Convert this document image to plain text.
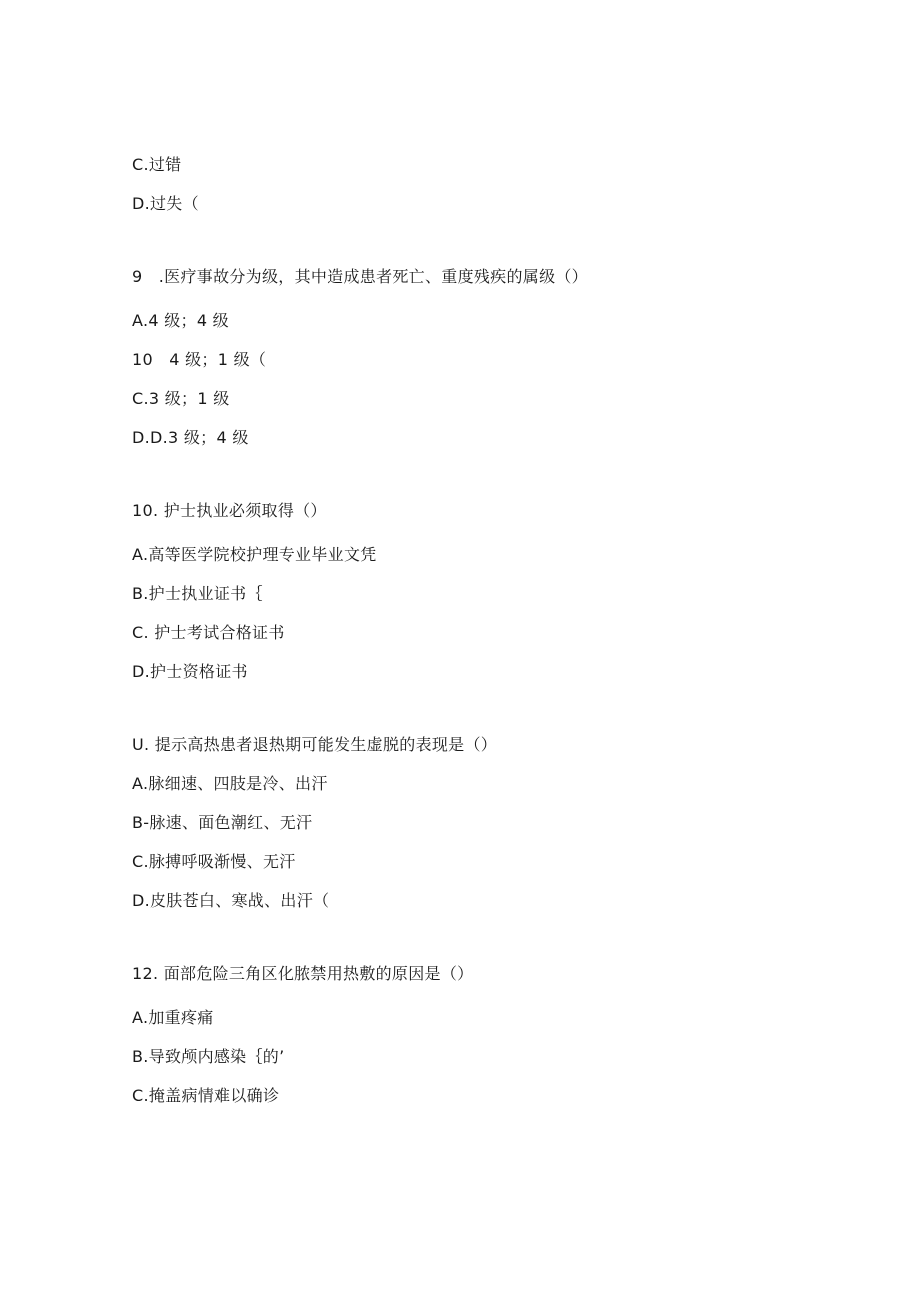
C.过错
D.过失（
9　.医疗事故分为级，其中造成患者死亡、重度残疾的属级（）
A.4 级；4 级
10　4 级；1 级（
C.3 级；1 级
D.D.3 级；4 级
10. 护士执业必须取得（）
A.高等医学院校护理专业毕业文凭
B.护士执业证书｛
C. 护士考试合格证书
D.护士资格证书
U. 提示高热患者退热期可能发生虚脱的表现是（）
A.脉细速、四肢是冷、出汗
B-脉速、面色潮红、无汗
C.脉搏呼吸渐慢、无汗
D.皮肤苍白、寒战、出汗（
12. 面部危险三角区化脓禁用热敷的原因是（）
A.加重疼痛
B.导致颅内感染｛的’
C.掩盖病情难以确诊
